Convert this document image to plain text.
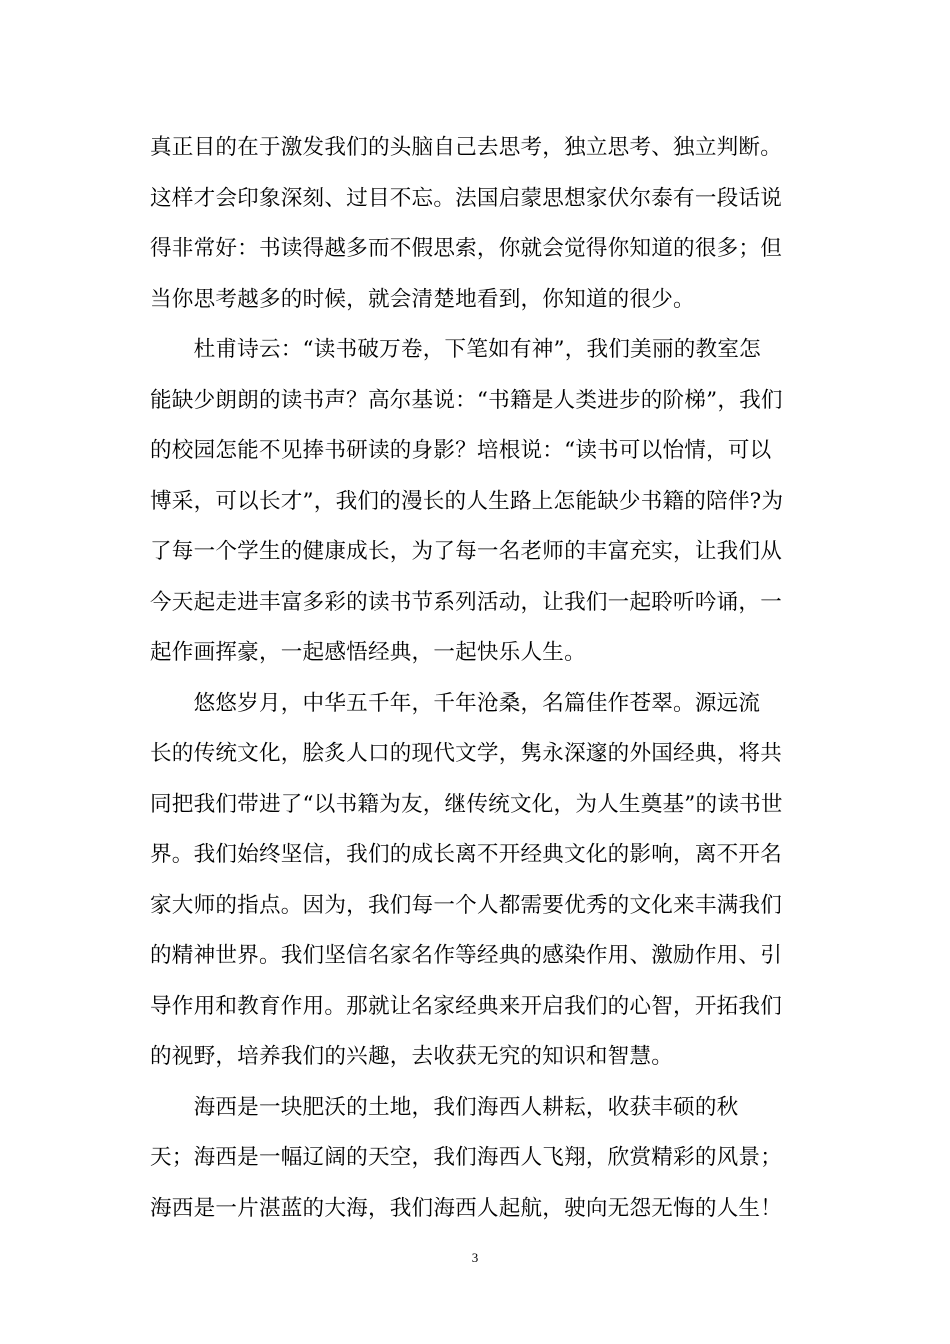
真正目的在于激发我们的头脑自己去思考，独立思考、独立判断。
这样才会印象深刻、过目不忘。法国启蒙思想家伏尔泰有一段话说
得非常好：书读得越多而不假思索，你就会觉得你知道的很多；但
当你思考越多的时候，就会清楚地看到，你知道的很少。
　　杜甫诗云：“读书破万卷，下笔如有神”，我们美丽的教室怎
能缺少朗朗的读书声？高尔基说：“书籍是人类进步的阶梯”，我们
的校园怎能不见捧书研读的身影？培根说：“读书可以怡情，可以
博采，可以长才”，我们的漫长的人生路上怎能缺少书籍的陪伴?为
了每一个学生的健康成长，为了每一名老师的丰富充实，让我们从
今天起走进丰富多彩的读书节系列活动，让我们一起聆听吟诵，一
起作画挥豪，一起感悟经典，一起快乐人生。
　　悠悠岁月，中华五千年，千年沧桑，名篇佳作苍翠。源远流
长的传统文化，脍炙人口的现代文学，隽永深邃的外国经典，将共
同把我们带进了“以书籍为友，继传统文化，为人生奠基”的读书世
界。我们始终坚信，我们的成长离不开经典文化的影响，离不开名
家大师的指点。因为，我们每一个人都需要优秀的文化来丰满我们
的精神世界。我们坚信名家名作等经典的感染作用、激励作用、引
导作用和教育作用。那就让名家经典来开启我们的心智，开拓我们
的视野，培养我们的兴趣，去收获无究的知识和智慧。
　　海西是一块肥沃的土地，我们海西人耕耘，收获丰硕的秋
天；海西是一幅辽阔的天空，我们海西人飞翔，欣赏精彩的风景；
海西是一片湛蓝的大海，我们海西人起航，驶向无怨无悔的人生！
3
